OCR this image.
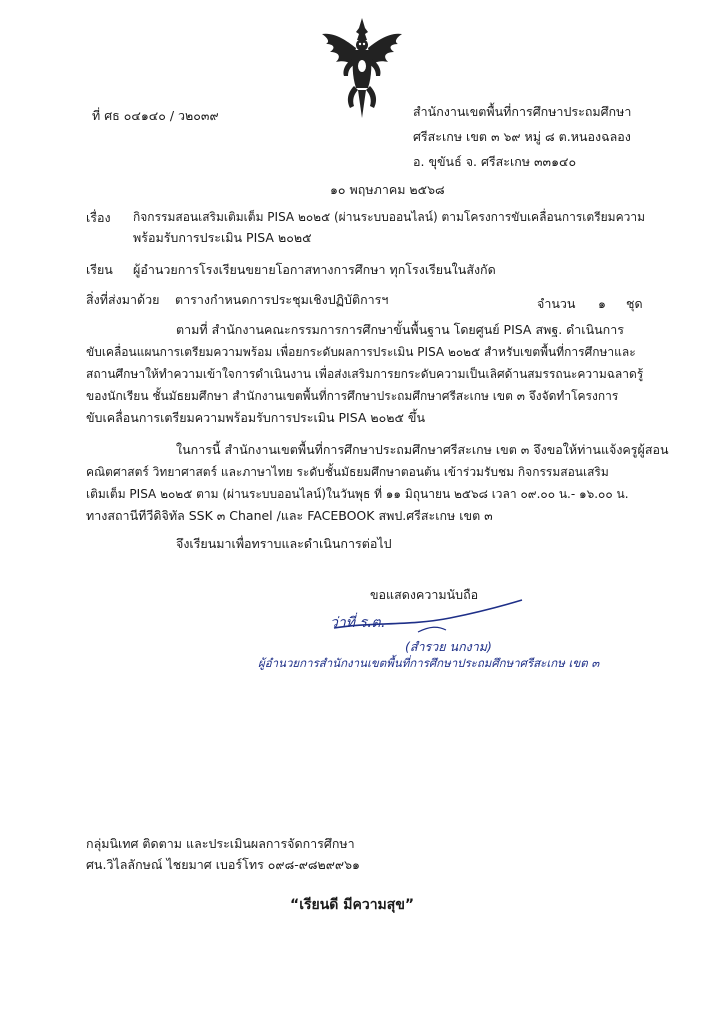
ที่ ศธ ๐๔๑๔๐ / ว๒๐๓๙	สำนักงานเขตพื้นที่การศึกษาประถมศึกษา
ศรีสะเกษ เขต ๓ ๖๙ หมู่ ๘ ต.หนองฉลอง
อ. ขุขันธ์ จ. ศรีสะเกษ ๓๓๑๔๐
๑๐ พฤษภาคม ๒๕๖๘
เรื่อง กิจกรรมสอนเสริมเติมเต็ม PISA ๒๐๒๕ (ผ่านระบบออนไลน์) ตามโครงการขับเคลื่อนการเตรียมความ
พร้อมรับการประเมิน PISA ๒๐๒๕
เรียน ผู้อำนวยการโรงเรียนขยายโอกาสทางการศึกษา ทุกโรงเรียนในสังกัด
สิ่งที่ส่งมาด้วย ตารางกำหนดการประชุมเชิงปฏิบัติการฯ	จำนวน ๑ ชุด
ตามที่ สำนักงานคณะกรรมการการศึกษาขั้นพื้นฐาน โดยศูนย์ PISA สพฐ. ดำเนินการ
ขับเคลื่อนแผนการเตรียมความพร้อม เพื่อยกระดับผลการประเมิน PISA ๒๐๒๕ สำหรับเขตพื้นที่การศึกษาและ
สถานศึกษาให้ทำความเข้าใจการดำเนินงาน เพื่อส่งเสริมการยกระดับความเป็นเลิศด้านสมรรถนะความฉลาดรู้
ของนักเรียน ชั้นมัธยมศึกษา สำนักงานเขตพื้นที่การศึกษาประถมศึกษาศรีสะเกษ เขต ๓ จึงจัดทำโครงการ
ขับเคลื่อนการเตรียมความพร้อมรับการประเมิน PISA ๒๐๒๕ ขึ้น
ในการนี้ สำนักงานเขตพื้นที่การศึกษาประถมศึกษาศรีสะเกษ เขต ๓ จึงขอให้ท่านแจ้งครูผู้สอน
คณิตศาสตร์ วิทยาศาสตร์ และภาษาไทย ระดับชั้นมัธยมศึกษาตอนต้น เข้าร่วมรับชม กิจกรรมสอนเสริม
เติมเต็ม PISA ๒๐๒๕ ตาม (ผ่านระบบออนไลน์)ในวันพุธ ที่ ๑๑ มิถุนายน ๒๕๖๘ เวลา ๐๙.๐๐ น.- ๑๖.๐๐ น.
ทางสถานีทีวีดิจิทัล SSK ๓ Chanel /และ FACEBOOK สพป.ศรีสะเกษ เขต ๓
จึงเรียนมาเพื่อทราบและดำเนินการต่อไป
ขอแสดงความนับถือ
ว่าที่ ร.ต.
(สำรวย นกงาม)
ผู้อำนวยการสำนักงานเขตพื้นที่การศึกษาประถมศึกษาศรีสะเกษ เขต ๓
กลุ่มนิเทศ ติดตาม และประเมินผลการจัดการศึกษา
ศน.วิไลลักษณ์ ไชยมาศ เบอร์โทร ๐๙๘-๙๘๒๙๙๖๑
“เรียนดี มีความสุข”
